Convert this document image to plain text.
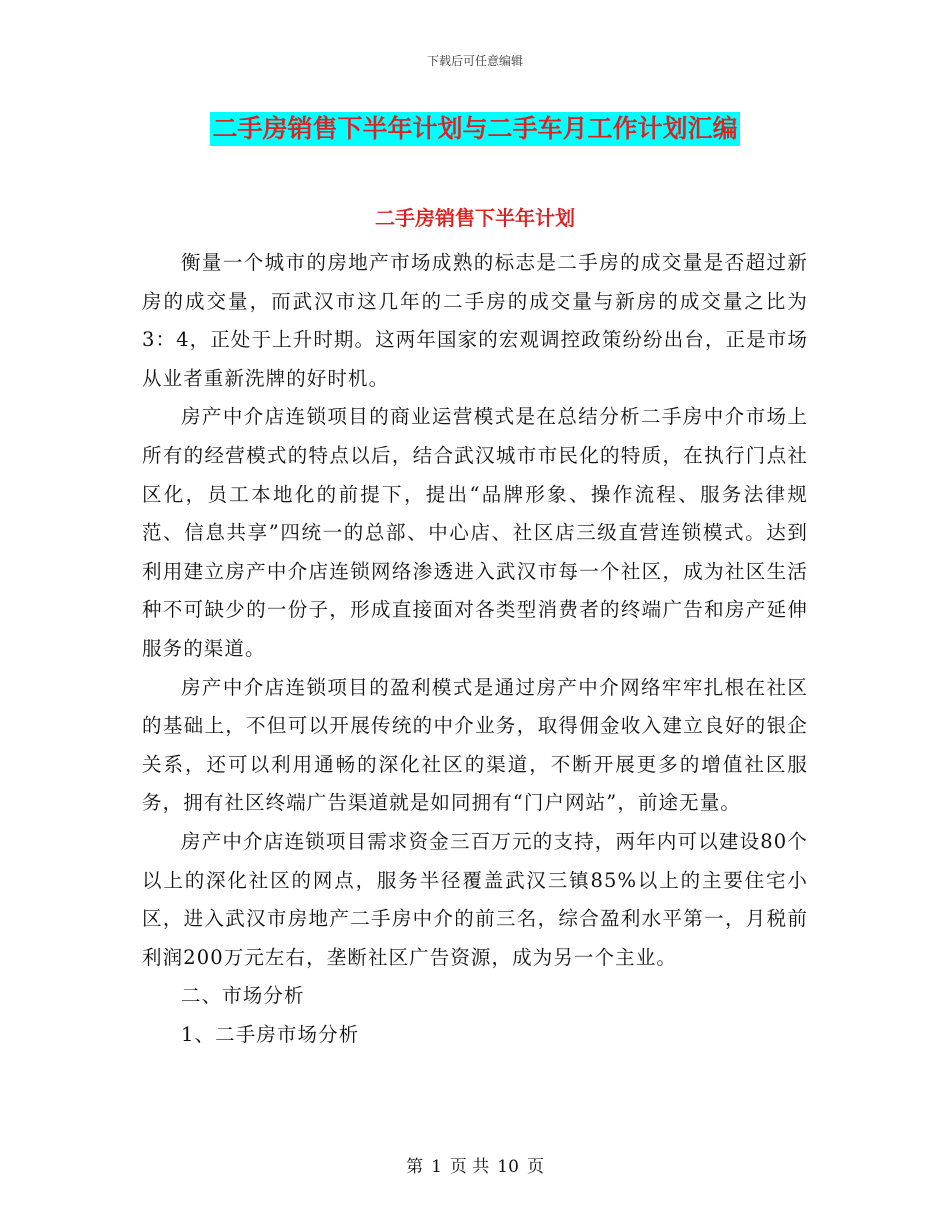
下载后可任意编辑
二手房销售下半年计划与二手车月工作计划汇编
二手房销售下半年计划

衡量一个城市的房地产市场成熟的标志是二手房的成交量是否超过新房的成交量，而武汉市这几年的二手房的成交量与新房的成交量之比为3：4，正处于上升时期。这两年国家的宏观调控政策纷纷出台，正是市场从业者重新洗牌的好时机。

房产中介店连锁项目的商业运营模式是在总结分析二手房中介市场上所有的经营模式的特点以后，结合武汉城市市民化的特质，在执行门点社区化，员工本地化的前提下，提出“品牌形象、操作流程、服务法律规范、信息共享”四统一的总部、中心店、社区店三级直营连锁模式。达到利用建立房产中介店连锁网络渗透进入武汉市每一个社区，成为社区生活种不可缺少的一份子，形成直接面对各类型消费者的终端广告和房产延伸服务的渠道。

房产中介店连锁项目的盈利模式是通过房产中介网络牢牢扎根在社区的基础上，不但可以开展传统的中介业务，取得佣金收入建立良好的银企关系，还可以利用通畅的深化社区的渠道，不断开展更多的增值社区服务，拥有社区终端广告渠道就是如同拥有“门户网站”，前途无量。

房产中介店连锁项目需求资金三百万元的支持，两年内可以建设80个以上的深化社区的网点，服务半径覆盖武汉三镇85%以上的主要住宅小区，进入武汉市房地产二手房中介的前三名，综合盈利水平第一，月税前利润200万元左右，垄断社区广告资源，成为另一个主业。

二、市场分析

1、二手房市场分析

第 1 页 共 10 页
